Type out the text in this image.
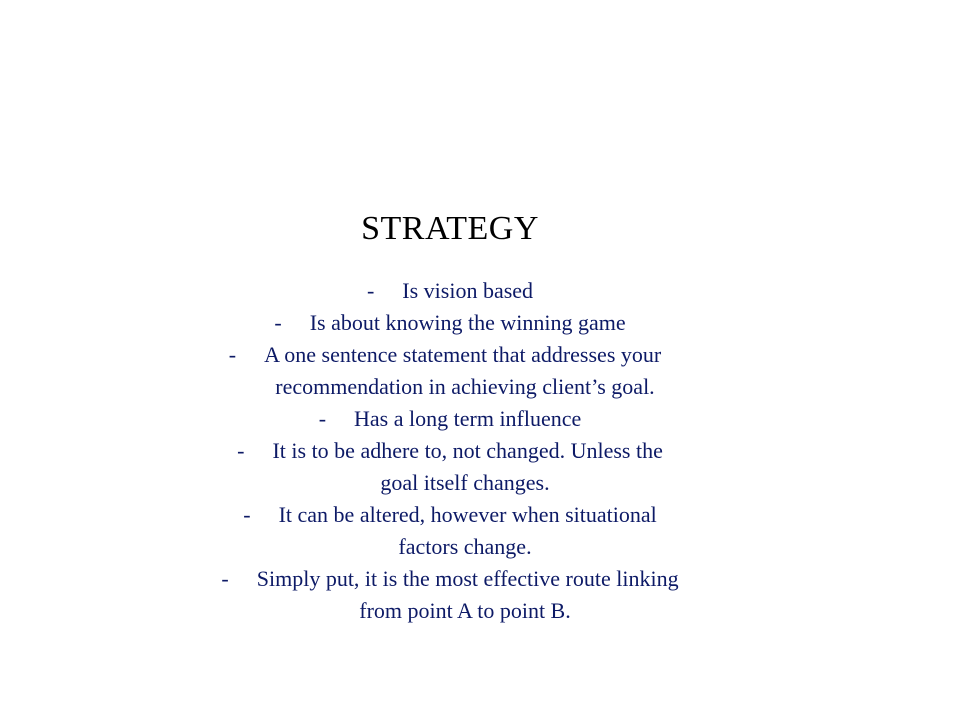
STRATEGY
- Is vision based
- Is about knowing the winning game
- A one sentence statement that addresses your
recommendation in achieving client’s goal.
- Has a long term influence
- It is to be adhere to, not changed. Unless the
goal itself changes.
- It can be altered, however when situational
factors change.
- Simply put, it is the most effective route linking
from point A to point B.
